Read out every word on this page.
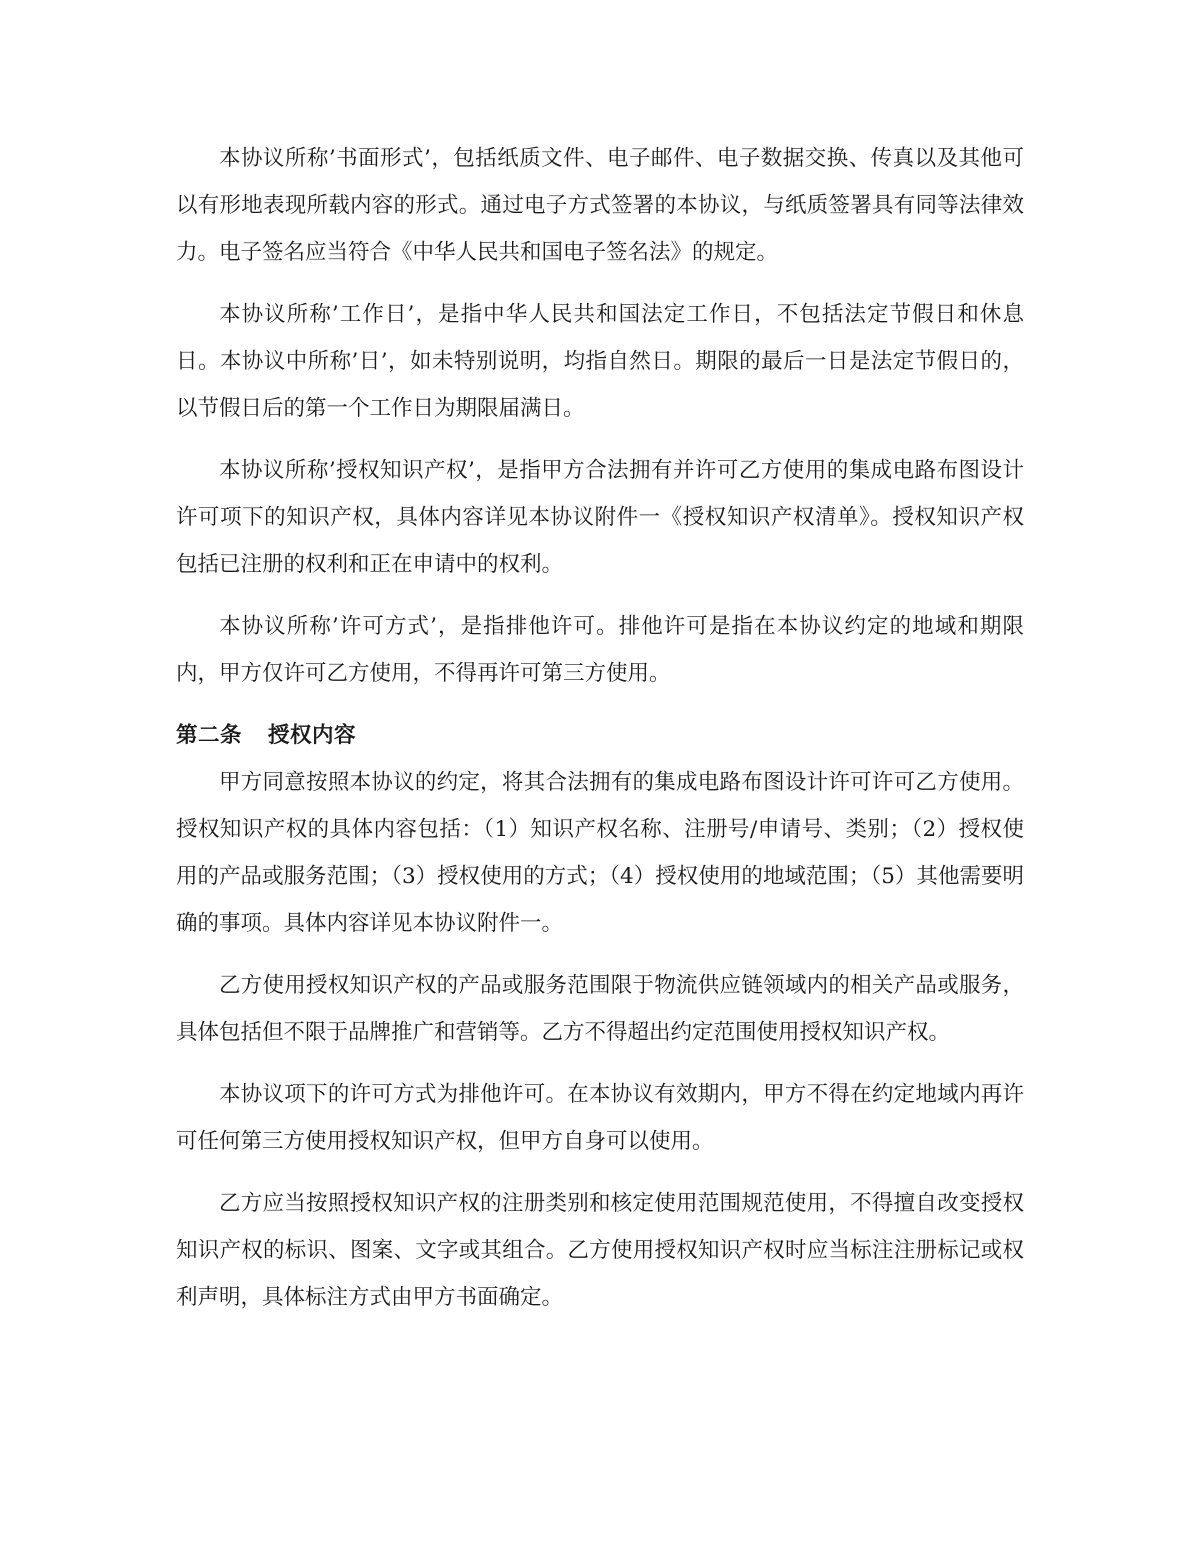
本协议所称’书面形式’，包括纸质文件、电子邮件、电子数据交换、传真以及其他可以有形地表现所载内容的形式。通过电子方式签署的本协议，与纸质签署具有同等法律效力。电子签名应当符合《中华人民共和国电子签名法》的规定。

本协议所称’工作日’，是指中华人民共和国法定工作日，不包括法定节假日和休息日。本协议中所称’日’，如未特别说明，均指自然日。期限的最后一日是法定节假日的，以节假日后的第一个工作日为期限届满日。

本协议所称’授权知识产权’，是指甲方合法拥有并许可乙方使用的集成电路布图设计许可项下的知识产权，具体内容详见本协议附件一《授权知识产权清单》。授权知识产权包括已注册的权利和正在申请中的权利。

本协议所称’许可方式’，是指排他许可。排他许可是指在本协议约定的地域和期限内，甲方仅许可乙方使用，不得再许可第三方使用。

第二条 授权内容

甲方同意按照本协议的约定，将其合法拥有的集成电路布图设计许可许可乙方使用。授权知识产权的具体内容包括：（1）知识产权名称、注册号/申请号、类别；（2）授权使用的产品或服务范围；（3）授权使用的方式；（4）授权使用的地域范围；（5）其他需要明确的事项。具体内容详见本协议附件一。

乙方使用授权知识产权的产品或服务范围限于物流供应链领域内的相关产品或服务，具体包括但不限于品牌推广和营销等。乙方不得超出约定范围使用授权知识产权。

本协议项下的许可方式为排他许可。在本协议有效期内，甲方不得在约定地域内再许可任何第三方使用授权知识产权，但甲方自身可以使用。

乙方应当按照授权知识产权的注册类别和核定使用范围规范使用，不得擅自改变授权知识产权的标识、图案、文字或其组合。乙方使用授权知识产权时应当标注注册标记或权利声明，具体标注方式由甲方书面确定。
